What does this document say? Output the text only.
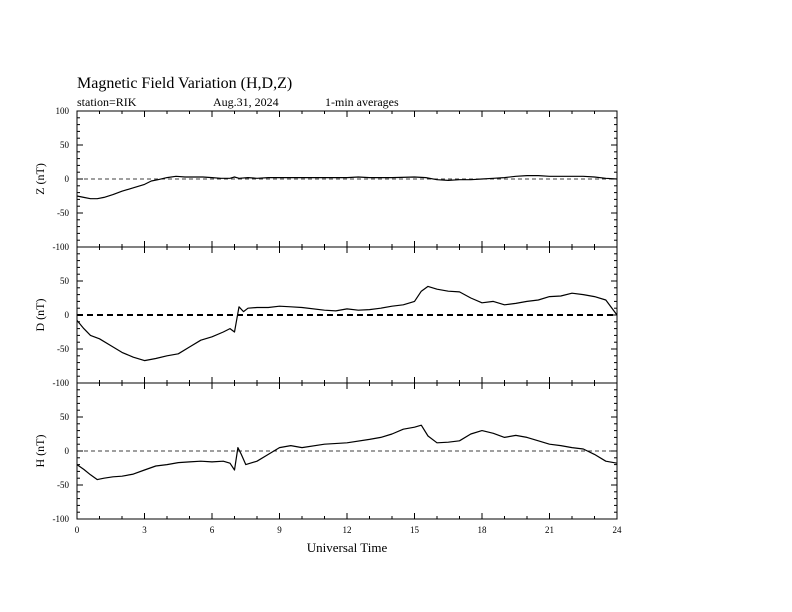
Magnetic Field Variation (H,D,Z)
station=RIK	Aug.31, 2024	1-min averages
-100
-50
0
50
100
Z (nT)
-100
-50
0
50
D (nT)
-100
-50
0
50
H (nT)
0	3	6	9	12	15	18	21	24
Universal Time
